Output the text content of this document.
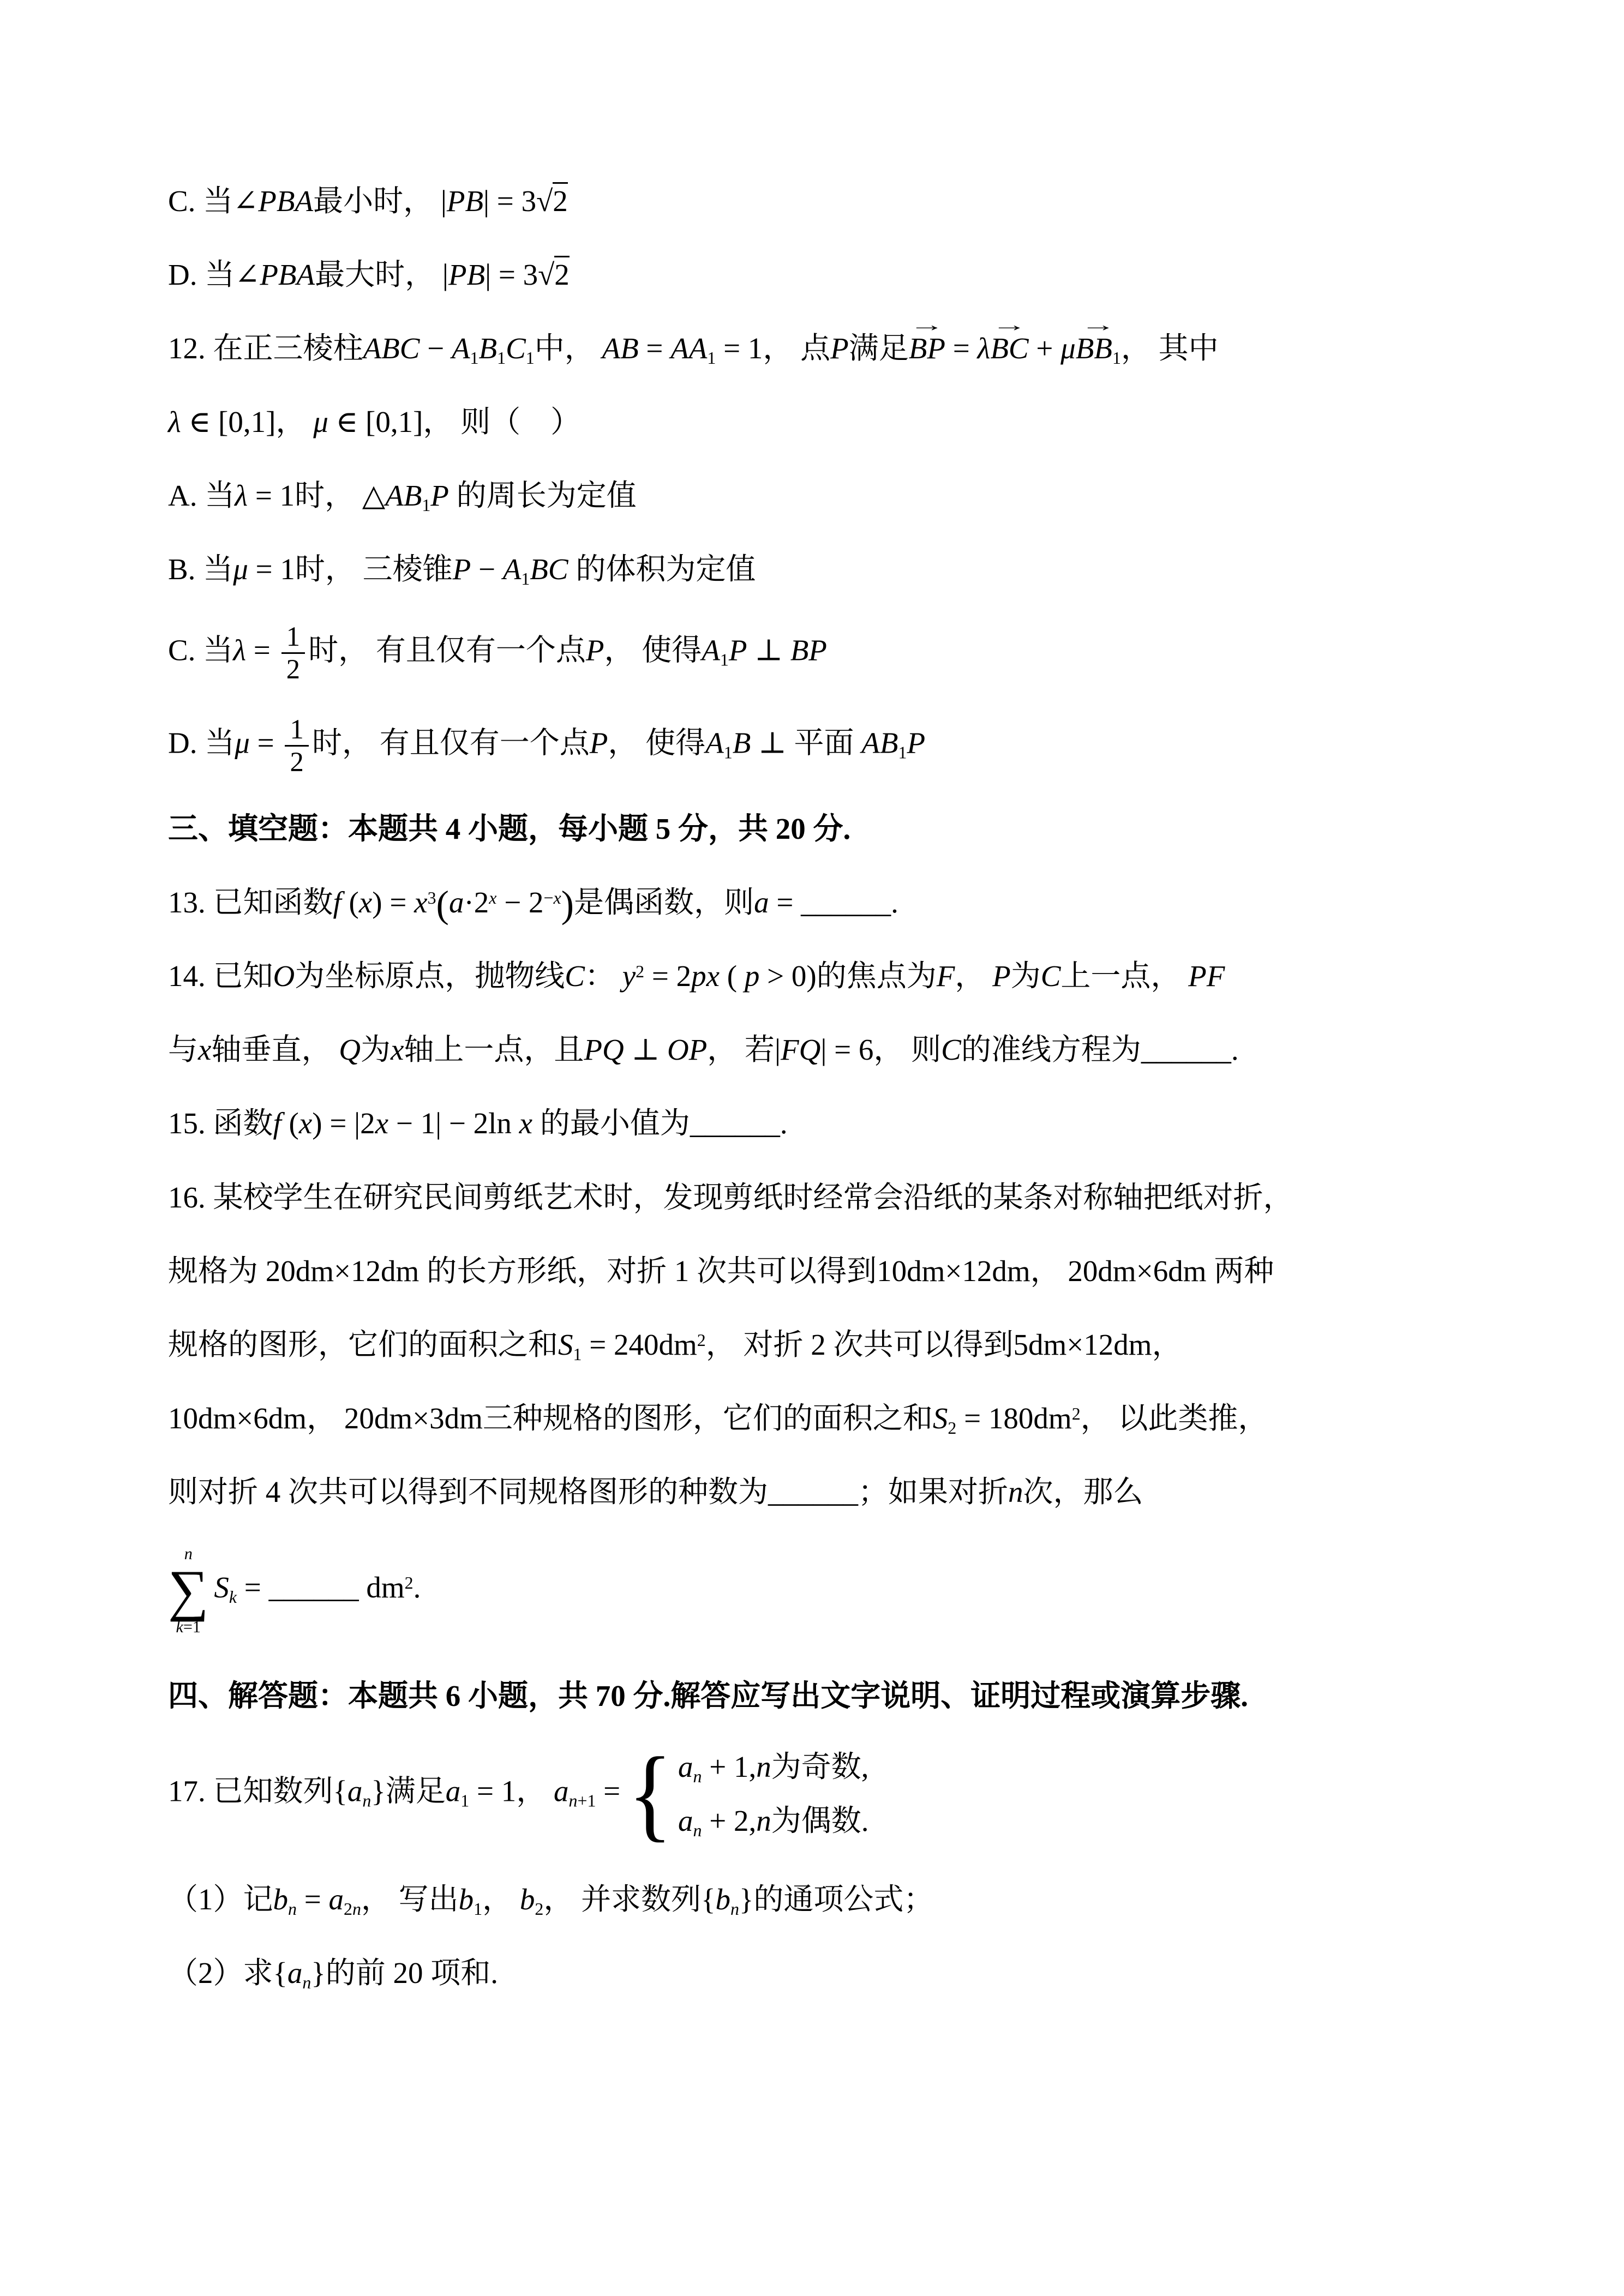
C. 当∠PBA最小时， |PB| = 3√2

D. 当∠PBA最大时， |PB| = 3√2

12. 在正三棱柱ABC − $A_1B_1C_1$中， AB = $AA_1 = 1$， 点P满足
→
BP = λ
→
BC + μ
→
$BB_1$， 其中

λ ∈ [0,1]， μ ∈ [0,1]， 则（　）

A. 当λ = 1时， $\triangle AB_1P$ 的周长为定值

B. 当μ = 1时， 三棱锥$P - A_1BC$ 的体积为定值

C. 当$\lambda = \frac{1}{2}$ 时， 有且仅有一个点P， 使得$A_1P$ ⊥ BP

D. 当$\mu = \frac{1}{2}$ 时， 有且仅有一个点P， 使得$A_1B$ ⊥ 平面 $AB_1P$

三、填空题：本题共 4 小题，每小题 5 分，共 20 分.

13. 已知函数f $(x) = x^3(a\cdot 2^x - 2^{-x})$是偶函数，则a = ______.

14. 已知O为坐标原点，抛物线C： $y^2 = 2px$ ( p > 0)的焦点为F， P为C上一点， PF

与x轴垂直， Q为x轴上一点，且PQ ⊥ OP， 若|FQ| = 6， 则C的准线方程为______.

15. 函数f (x) = |2x − 1| − 2ln x 的最小值为______.

16. 某校学生在研究民间剪纸艺术时，发现剪纸时经常会沿纸的某条对称轴把纸对折，

规格为 20dm×12dm 的长方形纸，对折 1 次共可以得到10dm×12dm， 20dm×6dm 两种

规格的图形，它们的面积之和$S_1 = 240dm^2$， 对折 2 次共可以得到5dm×12dm，

10dm×6dm， 20dm×3dm三种规格的图形，它们的面积之和$S_2 = 180dm^2$， 以此类推，

则对折 4 次共可以得到不同规格图形的种数为______；如果对折n次，那么

n
∑
k=1
$S_k$ = ______ $dm^2$.

四、解答题：本题共 6 小题，共 70 分.解答应写出文字说明、证明过程或演算步骤.

17. 已知数列$\{a_n\}$满足$a_1 = 1$， $a_{n+1}$ = { $a_n + 1,n$为奇数,
$a_n + 2,n$为偶数.

（1）记$b_n = a_{2n}$， 写出$b_1$， $b_2$， 并求数列$\{b_n\}$的通项公式；

（2）求$\{a_n\}$的前 20 项和.
